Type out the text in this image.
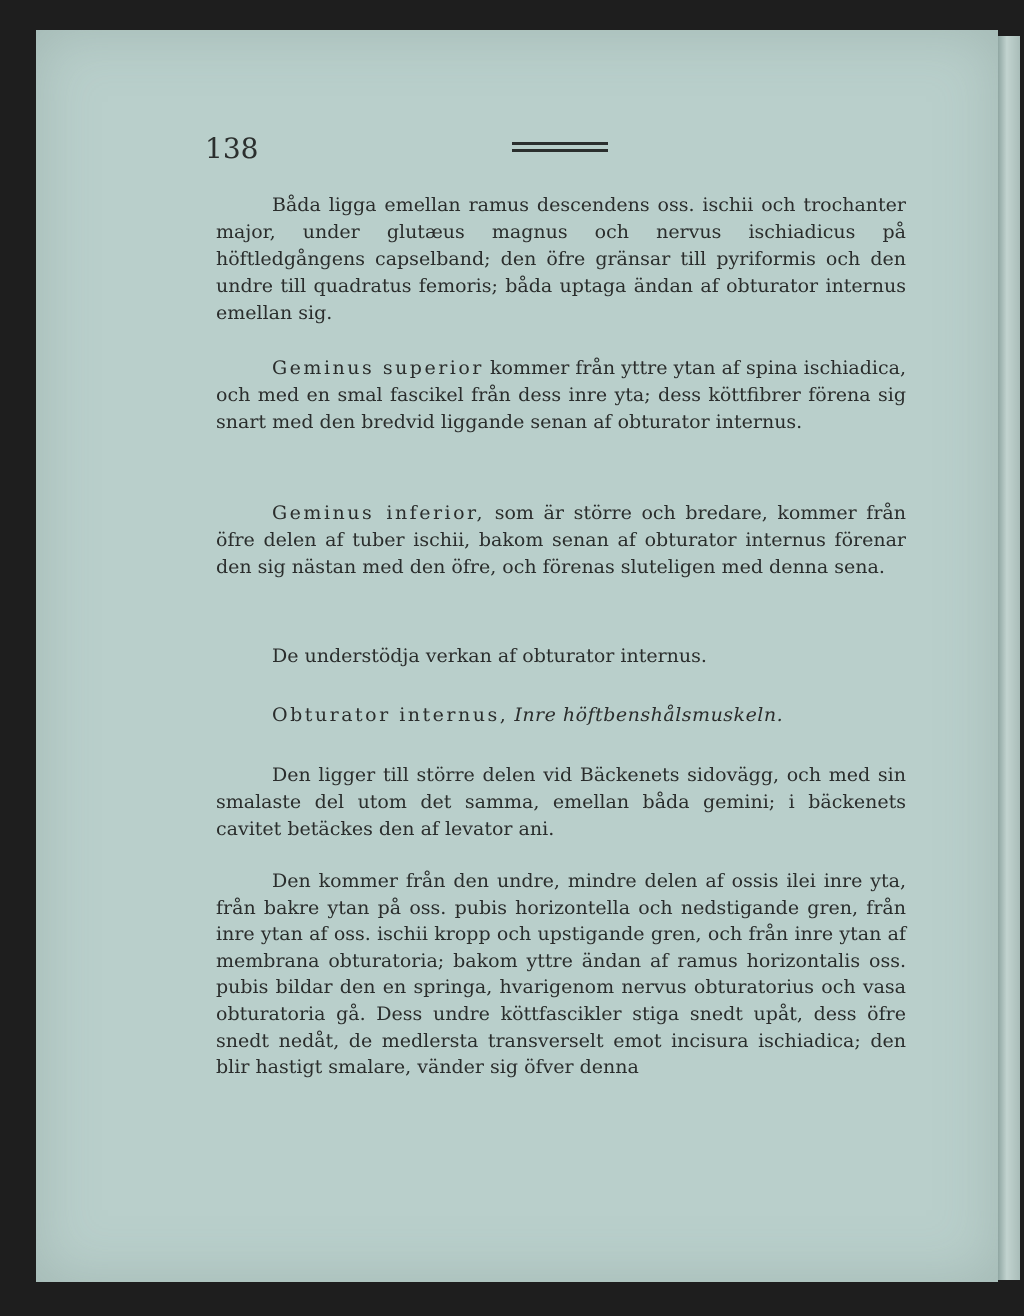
138
Båda ligga emellan ramus descendens oss. ischii och trochanter major, under glutæus magnus och nervus ischiadicus på höftledgångens capselband; den öfre gränsar till pyriformis och den undre till quadratus femoris; båda uptaga ändan af obturator internus emellan sig.
Geminus superior kommer från yttre ytan af spina ischiadica, och med en smal fascikel från dess inre yta; dess köttfibrer förena sig snart med den bredvid liggande senan af obturator internus.
Geminus inferior, som är större och bredare, kommer från öfre delen af tuber ischii, bakom senan af obturator internus förenar den sig nästan med den öfre, och förenas sluteligen med denna sena.
De understödja verkan af obturator internus.
Obturator internus, Inre höftbenshålsmuskeln.
Den ligger till större delen vid Bäckenets sidovägg, och med sin smalaste del utom det samma, emellan båda gemini; i bäckenets cavitet betäckes den af levator ani.
Den kommer från den undre, mindre delen af ossis ilei inre yta, från bakre ytan på oss. pubis horizontella och nedstigande gren, från inre ytan af oss. ischii kropp och upstigande gren, och från inre ytan af membrana obturatoria; bakom yttre ändan af ramus horizontalis oss. pubis bildar den en springa, hvarigenom nervus obturatorius och vasa obturatoria gå. Dess undre köttfascikler stiga snedt upåt, dess öfre snedt nedåt, de medlersta transverselt emot incisura ischiadica; den blir hastigt smalare, vänder sig öfver denna
